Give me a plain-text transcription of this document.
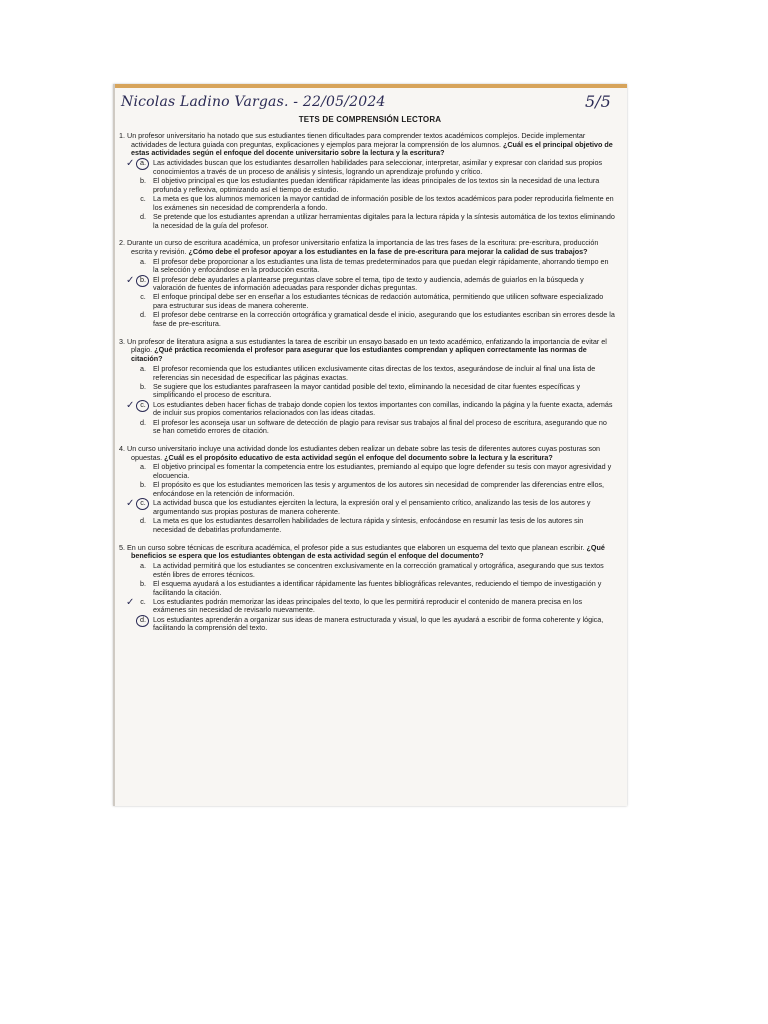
Nicolas Ladino Vargas. - 22/05/2024	5/5
TETS DE COMPRENSIÓN LECTORA
1. Un profesor universitario ha notado que sus estudiantes tienen dificultades para comprender textos académicos complejos. Decide implementar actividades de lectura guiada con preguntas, explicaciones y ejemplos para mejorar la comprensión de los alumnos. ¿Cuál es el principal objetivo de estas actividades según el enfoque del docente universitario sobre la lectura y la escritura?
✓ a. Las actividades buscan que los estudiantes desarrollen habilidades para seleccionar, interpretar, asimilar y expresar con claridad sus propios conocimientos a través de un proceso de análisis y síntesis, logrando un aprendizaje profundo y crítico.
b. El objetivo principal es que los estudiantes puedan identificar rápidamente las ideas principales de los textos sin la necesidad de una lectura profunda y reflexiva, optimizando así el tiempo de estudio.
c.	La meta es que los alumnos memoricen la mayor cantidad de información posible de los textos académicos para poder reproducirla fielmente en los exámenes sin necesidad de comprenderla a fondo.
d. Se pretende que los estudiantes aprendan a utilizar herramientas digitales para la lectura rápida y la síntesis automática de los textos eliminando la necesidad de la guía del profesor.
2. Durante un curso de escritura académica, un profesor universitario enfatiza la importancia de las tres fases de la escritura: pre-escritura, producción escrita y revisión. ¿Cómo debe el profesor apoyar a los estudiantes en la fase de pre-escritura para mejorar la calidad de sus trabajos?
a. El profesor debe proporcionar a los estudiantes una lista de temas predeterminados para que puedan elegir rápidamente, ahorrando tiempo en la selección y enfocándose en la producción escrita.
✓ b. El profesor debe ayudarles a plantearse preguntas clave sobre el tema, tipo de texto y audiencia, además de guiarlos en la búsqueda y valoración de fuentes de información adecuadas para responder dichas preguntas.
c.	El enfoque principal debe ser en enseñar a los estudiantes técnicas de redacción automática, permitiendo que utilicen software especializado para estructurar sus ideas de manera coherente.
d. El profesor debe centrarse en la corrección ortográfica y gramatical desde el inicio, asegurando que los estudiantes escriban sin errores desde la fase de pre-escritura.
3. Un profesor de literatura asigna a sus estudiantes la tarea de escribir un ensayo basado en un texto académico, enfatizando la importancia de evitar el plagio. ¿Qué práctica recomienda el profesor para asegurar que los estudiantes comprendan y apliquen correctamente las normas de citación?
a. El profesor recomienda que los estudiantes utilicen exclusivamente citas directas de los textos, asegurándose de incluir al final una lista de referencias sin necesidad de especificar las páginas exactas.
b. Se sugiere que los estudiantes parafraseen la mayor cantidad posible del texto, eliminando la necesidad de citar fuentes específicas y simplificando el proceso de escritura.
✓ c.	Los estudiantes deben hacer fichas de trabajo donde copien los textos importantes con comillas, indicando la página y la fuente exacta, además de incluir sus propios comentarios relacionados con las ideas citadas.
d. El profesor les aconseja usar un software de detección de plagio para revisar sus trabajos al final del proceso de escritura, asegurando que no se han cometido errores de citación.
4. Un curso universitario incluye una actividad donde los estudiantes deben realizar un debate sobre las tesis de diferentes autores cuyas posturas son opuestas. ¿Cuál es el propósito educativo de esta actividad según el enfoque del documento sobre la lectura y la escritura?
a. El objetivo principal es fomentar la competencia entre los estudiantes, premiando al equipo que logre defender su tesis con mayor agresividad y elocuencia.
b. El propósito es que los estudiantes memoricen las tesis y argumentos de los autores sin necesidad de comprender las diferencias entre ellos, enfocándose en la retención de información.
✓ c.	La actividad busca que los estudiantes ejerciten la lectura, la expresión oral y el pensamiento crítico, analizando las tesis de los autores y argumentando sus propias posturas de manera coherente.
d. La meta es que los estudiantes desarrollen habilidades de lectura rápida y síntesis, enfocándose en resumir las tesis de los autores sin necesidad de debatirlas profundamente.
5. En un curso sobre técnicas de escritura académica, el profesor pide a sus estudiantes que elaboren un esquema del texto que planean escribir. ¿Qué beneficios se espera que los estudiantes obtengan de esta actividad según el enfoque del documento?
a. La actividad permitirá que los estudiantes se concentren exclusivamente en la corrección gramatical y ortográfica, asegurando que sus textos estén libres de errores técnicos.
b. El esquema ayudará a los estudiantes a identificar rápidamente las fuentes bibliográficas relevantes, reduciendo el tiempo de investigación y facilitando la citación.
✓ c.	Los estudiantes podrán memorizar las ideas principales del texto, lo que les permitirá reproducir el contenido de manera precisa en los exámenes sin necesidad de revisarlo nuevamente.
d. Los estudiantes aprenderán a organizar sus ideas de manera estructurada y visual, lo que les ayudará a escribir de forma coherente y lógica, facilitando la comprensión del texto.
